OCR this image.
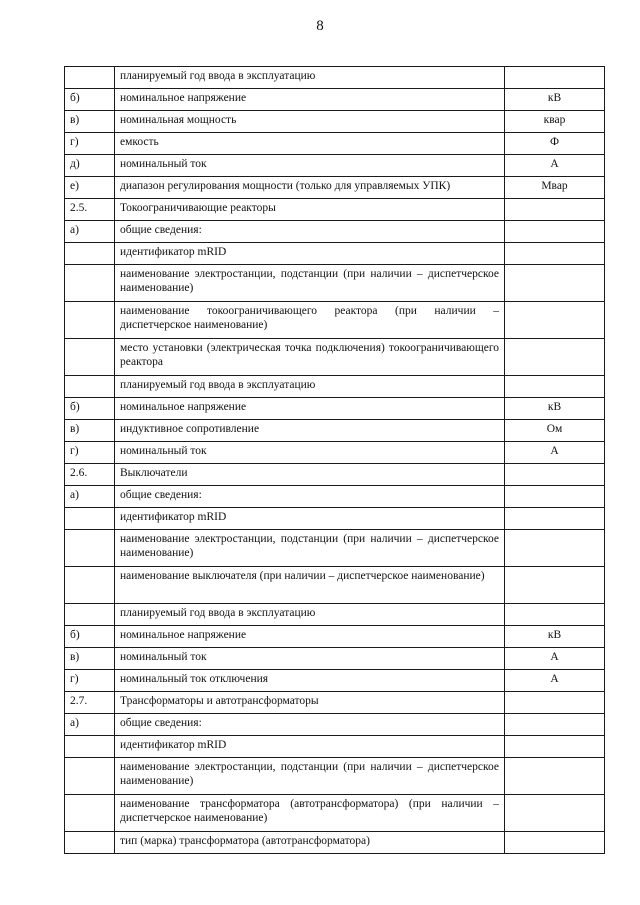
8
	планируемый год ввода в эксплуатацию	
б)	номинальное напряжение	кВ
в)	номинальная мощность	квар
г)	емкость	Ф
д)	номинальный ток	А
е)	диапазон регулирования мощности (только для управляемых УПК)	Мвар
2.5.	Токоограничивающие реакторы	
а)	общие сведения:	
	идентификатор mRID	
	наименование электростанции, подстанции (при наличии – диспетчерское наименование)	
	наименование токоограничивающего реактора (при наличии – диспетчерское наименование)	
	место установки (электрическая точка подключения) токоограничивающего реактора	
	планируемый год ввода в эксплуатацию	
б)	номинальное напряжение	кВ
в)	индуктивное сопротивление	Ом
г)	номинальный ток	А
2.6.	Выключатели	
а)	общие сведения:	
	идентификатор mRID	
	наименование электростанции, подстанции (при наличии – диспетчерское наименование)	
	наименование выключателя (при наличии – диспетчерское наименование)	
	планируемый год ввода в эксплуатацию	
б)	номинальное напряжение	кВ
в)	номинальный ток	А
г)	номинальный ток отключения	А
2.7.	Трансформаторы и автотрансформаторы	
а)	общие сведения:	
	идентификатор mRID	
	наименование электростанции, подстанции (при наличии – диспетчерское наименование)	
	наименование трансформатора (автотрансформатора) (при наличии – диспетчерское наименование)	
	тип (марка) трансформатора (автотрансформатора)	
